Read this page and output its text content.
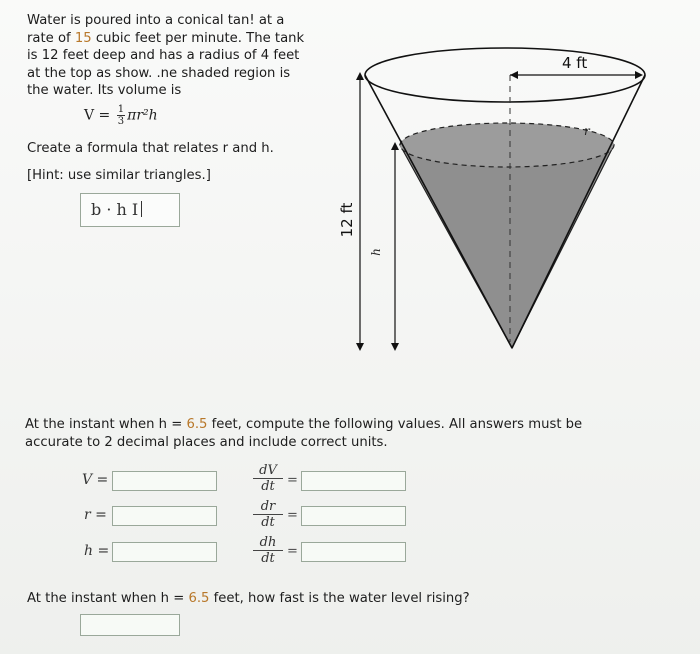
Water is poured into a conical tan! at a rate of 15 cubic feet per minute. The tank is 12 feet deep and has a radius of 4 feet at the top as show. .ne shaded region is the water. Its volume is
$V = \frac{1}{3} \pi r^2h$
Create a formula that relates r and h.
[Hint: use similar triangles.]
b · h I
4 ft
r
12 ft
h
At the instant when h = 6.5 feet, compute the following values. All answers must be accurate to 2 decimal places and include correct units.
V =	$\frac{dV}{dt}$ =
r =	$\frac{dr}{dt}$ =
h =	$\frac{dh}{dt}$ =
At the instant when h = 6.5 feet, how fast is the water level rising?
